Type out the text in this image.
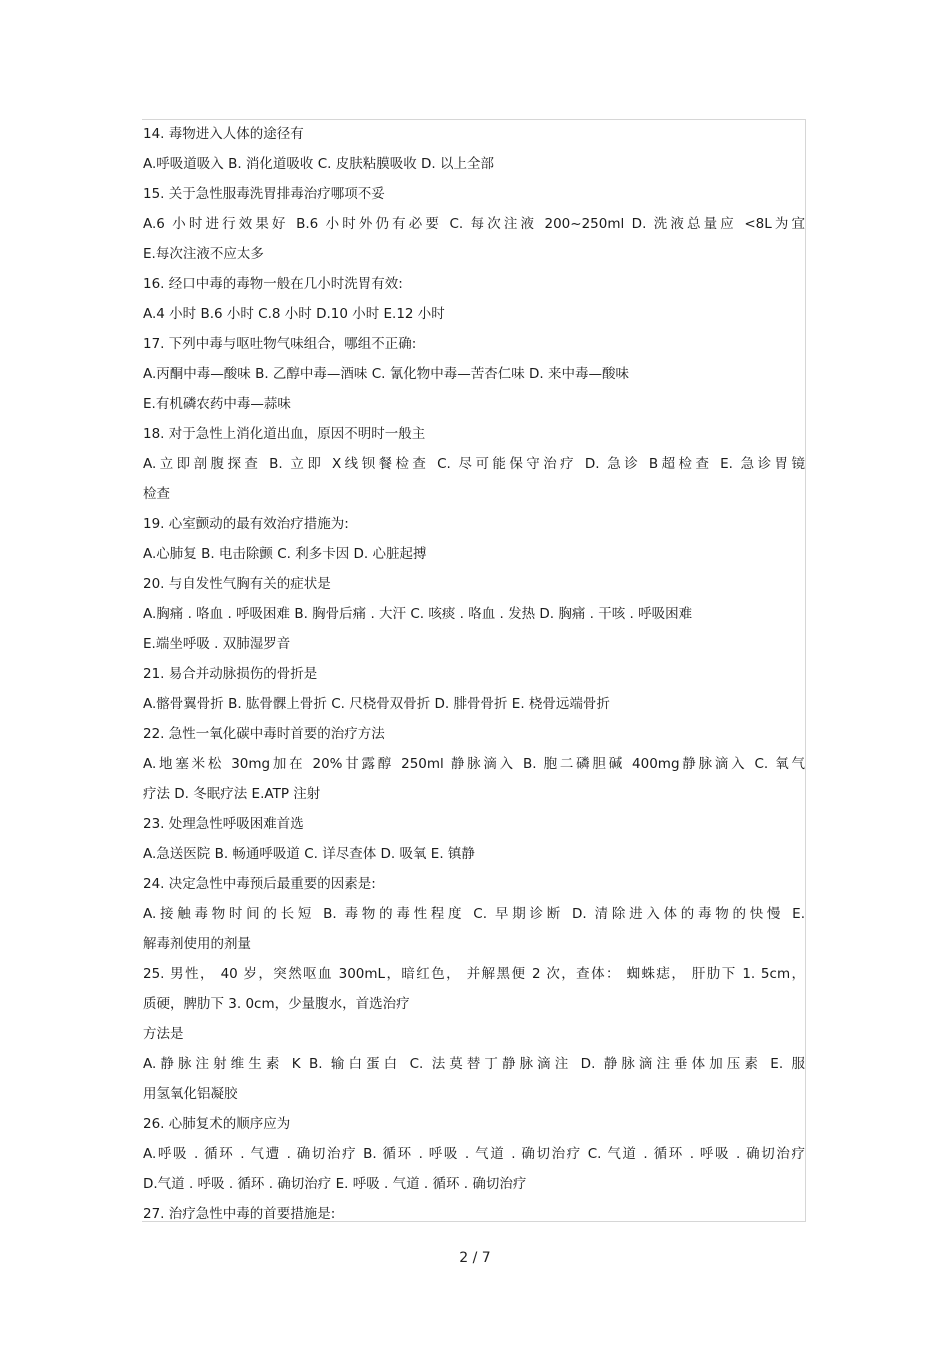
14. 毒物进入人体的途径有
A.呼吸道吸入 B. 消化道吸收 C. 皮肤粘膜吸收 D. 以上全部
15. 关于急性服毒洗胃排毒治疗哪项不妥
A.6 小时进行效果好 B.6 小时外仍有必要 C. 每次注液 200~250ml D. 洗液总量应 <8L为宜
E.每次注液不应太多
16. 经口中毒的毒物一般在几小时洗胃有效:
A.4 小时 B.6 小时 C.8 小时 D.10 小时 E.12 小时
17. 下列中毒与呕吐物气味组合，哪组不正确:
A.丙酮中毒—酸味 B. 乙醇中毒—酒味 C. 氰化物中毒—苦杏仁味 D. 来中毒—酸味
E.有机磷农药中毒—蒜味
18. 对于急性上消化道出血，原因不明时一般主
A.立即剖腹探查 B. 立即 X线钡餐检查 C. 尽可能保守治疗 D. 急诊 B超检查 E. 急诊胃镜
检查
19. 心室颤动的最有效治疗措施为:
A.心肺复 B. 电击除颤 C. 利多卡因 D. 心脏起搏
20. 与自发性气胸有关的症状是
A.胸痛 . 咯血 . 呼吸困难 B. 胸骨后痛 . 大汗 C. 咳痰 . 咯血 . 发热 D. 胸痛 . 干咳 . 呼吸困难
E.端坐呼吸 . 双肺湿罗音
21. 易合并动脉损伤的骨折是
A.髂骨翼骨折 B. 肱骨髁上骨折 C. 尺桡骨双骨折 D. 腓骨骨折 E. 桡骨远端骨折
22. 急性一氧化碳中毒时首要的治疗方法
A.地塞米松 30mg加在 20%甘露醇 250ml 静脉滴入 B. 胞二磷胆碱 400mg静脉滴入 C. 氧气
疗法 D. 冬眠疗法 E.ATP 注射
23. 处理急性呼吸困难首选
A.急送医院 B. 畅通呼吸道 C. 详尽查体 D. 吸氧 E. 镇静
24. 决定急性中毒预后最重要的因素是:
A.接触毒物时间的长短 B. 毒物的毒性程度 C. 早期诊断 D. 清除进入体的毒物的快慢 E.
解毒剂使用的剂量
25. 男性， 40 岁，突然呕血 300mL，暗红色， 并解黑便 2 次，查体： 蜘蛛痣， 肝肋下 1. 5cm，
质硬，脾肋下 3. 0cm，少量腹水，首选治疗
方法是
A.静脉注射维生素 K B. 输白蛋白 C. 法莫替丁静脉滴注 D. 静脉滴注垂体加压素 E. 服
用氢氧化铝凝胶
26. 心肺复术的顺序应为
A.呼吸 . 循环 . 气遭 . 确切治疗 B. 循环 . 呼吸 . 气道 . 确切治疗 C. 气道 . 循环 . 呼吸 . 确切治疗
D.气道 . 呼吸 . 循环 . 确切治疗 E. 呼吸 . 气道 . 循环 . 确切治疗
27. 治疗急性中毒的首要措施是:
2 / 7
